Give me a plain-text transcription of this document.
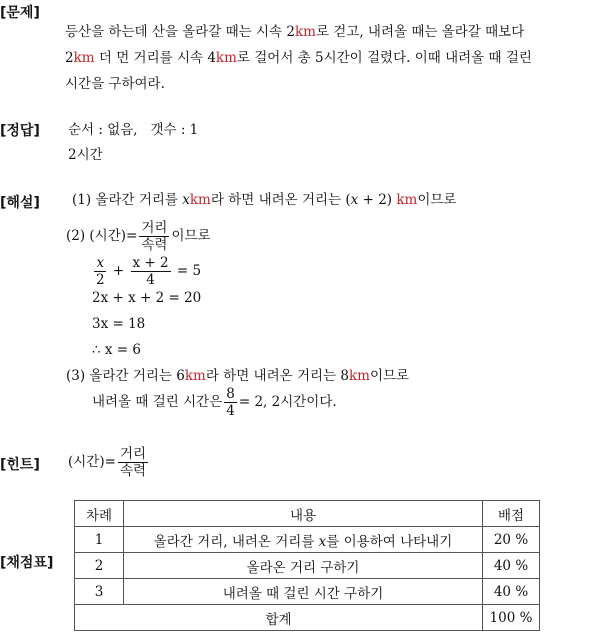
[문제]
등산을 하는데 산을 올라갈 때는 시속 2km로 걷고, 내려올 때는 올라갈 때보다
2km 더 먼 거리를 시속 4km로 걸어서 총 5시간이 걸렸다. 이때 내려올 때 걸린
시간을 구하여라.
[정답] 순서 : 없음, 갯수 : 1
2시간
[해설] (1) 올라간 거리를 xkm라 하면 내려온 거리는 (x + 2) km이므로
(2) (시간)= $\frac{\text{거리}}{\text{속력}}$ 이므로
$\frac{x}{2} + \frac{x + 2}{4} = 5$
2x + x + 2 = 20
3x = 18
∴ x = 6
(3) 올라간 거리는 6km라 하면 내려온 거리는 8km이므로
내려올 때 걸린 시간은 $\frac{8}{4} = 2$, 2시간이다.
[힌트] (시간)= $\frac{\text{거리}}{\text{속력}}$
[채점표]
차례	내용	배점
1	올라간 거리, 내려온 거리를 x를 이용하여 나타내기	20 %
2	올라온 거리 구하기	40 %
3	내려올 때 걸린 시간 구하기	40 %
합계		100 %
